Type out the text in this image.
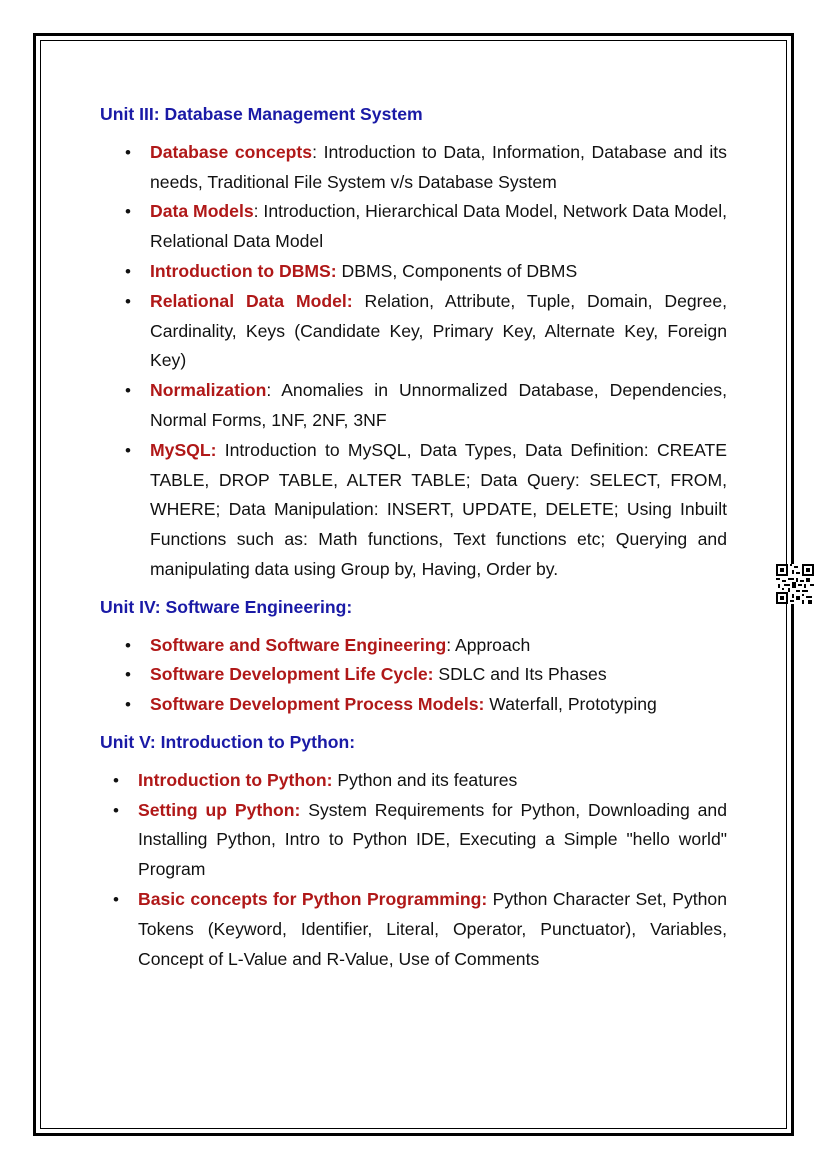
Unit III: Database Management System
• Database concepts: Introduction to Data, Information, Database and its needs, Traditional File System v/s Database System
• Data Models: Introduction, Hierarchical Data Model, Network Data Model, Relational Data Model
• Introduction to DBMS: DBMS, Components of DBMS
• Relational Data Model: Relation, Attribute, Tuple, Domain, Degree, Cardinality, Keys (Candidate Key, Primary Key, Alternate Key, Foreign Key)
• Normalization: Anomalies in Unnormalized Database, Dependencies, Normal Forms, 1NF, 2NF, 3NF
• MySQL: Introduction to MySQL, Data Types, Data Definition: CREATE TABLE, DROP TABLE, ALTER TABLE; Data Query: SELECT, FROM, WHERE; Data Manipulation: INSERT, UPDATE, DELETE; Using Inbuilt Functions such as: Math functions, Text functions etc; Querying and manipulating data using Group by, Having, Order by.
Unit IV: Software Engineering:
• Software and Software Engineering: Approach
• Software Development Life Cycle: SDLC and Its Phases
• Software Development Process Models: Waterfall, Prototyping
Unit V: Introduction to Python:
• Introduction to Python: Python and its features
• Setting up Python: System Requirements for Python, Downloading and Installing Python, Intro to Python IDE, Executing a Simple "hello world" Program
• Basic concepts for Python Programming: Python Character Set, Python Tokens (Keyword, Identifier, Literal, Operator, Punctuator), Variables, Concept of L-Value and R-Value, Use of Comments
